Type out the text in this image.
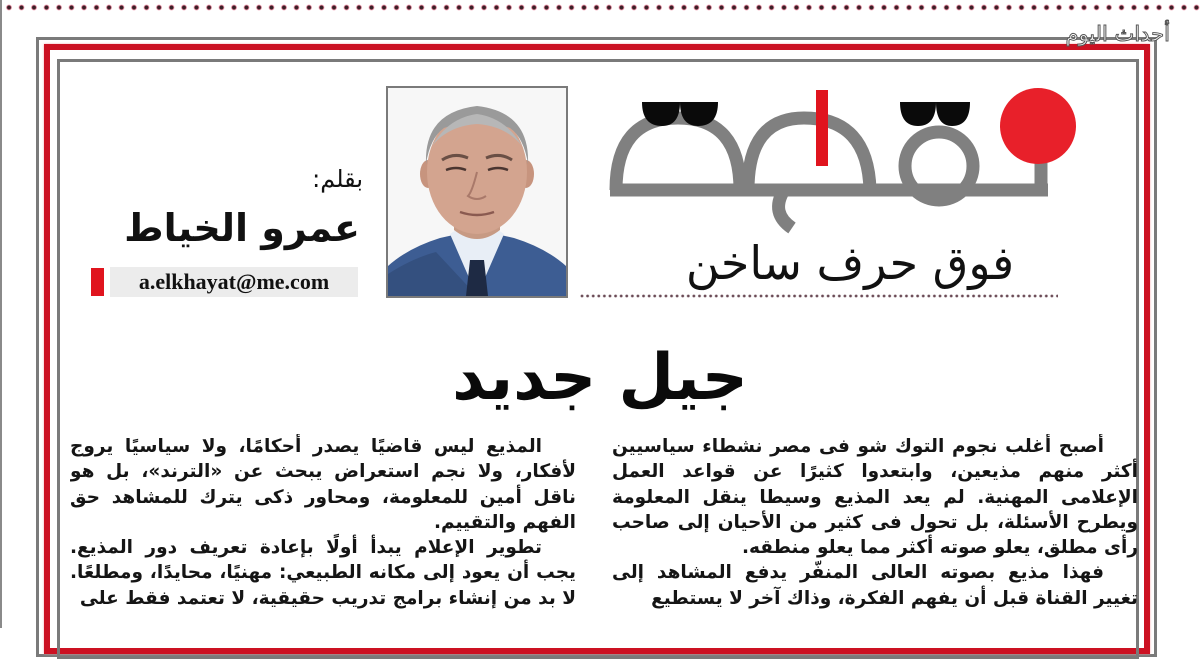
أحداث اليوم
بقلم:
عمرو الخياط
a.elkhayat@me.com	فوق حرف ساخن
جيل جديد

أصبح أغلب نجوم التوك شو فى مصر نشطاء سياسيين أكثر منهم مذيعين، وابتعدوا كثيرًا عن قواعد العمل الإعلامى المهنية. لم يعد المذيع وسيطا ينقل المعلومة ويطرح الأسئلة، بل تحول فى كثير من الأحيان إلى صاحب رأى مطلق، يعلو صوته أكثر مما يعلو منطقه.

فهذا مذيع بصوته العالى المنفّر يدفع المشاهد إلى تغيير القناة قبل أن يفهم الفكرة، وذاك آخر لا يستطيع

المذيع ليس قاضيًا يصدر أحكامًا، ولا سياسيًا يروج لأفكار، ولا نجم استعراض يبحث عن «الترند»، بل هو ناقل أمين للمعلومة، ومحاور ذكى يترك للمشاهد حق الفهم والتقييم.

تطوير الإعلام يبدأ أولًا بإعادة تعريف دور المذيع. يجب أن يعود إلى مكانه الطبيعي: مهنيًا، محايدًا، ومطلعًا. لا بد من إنشاء برامج تدريب حقيقية، لا تعتمد فقط على
